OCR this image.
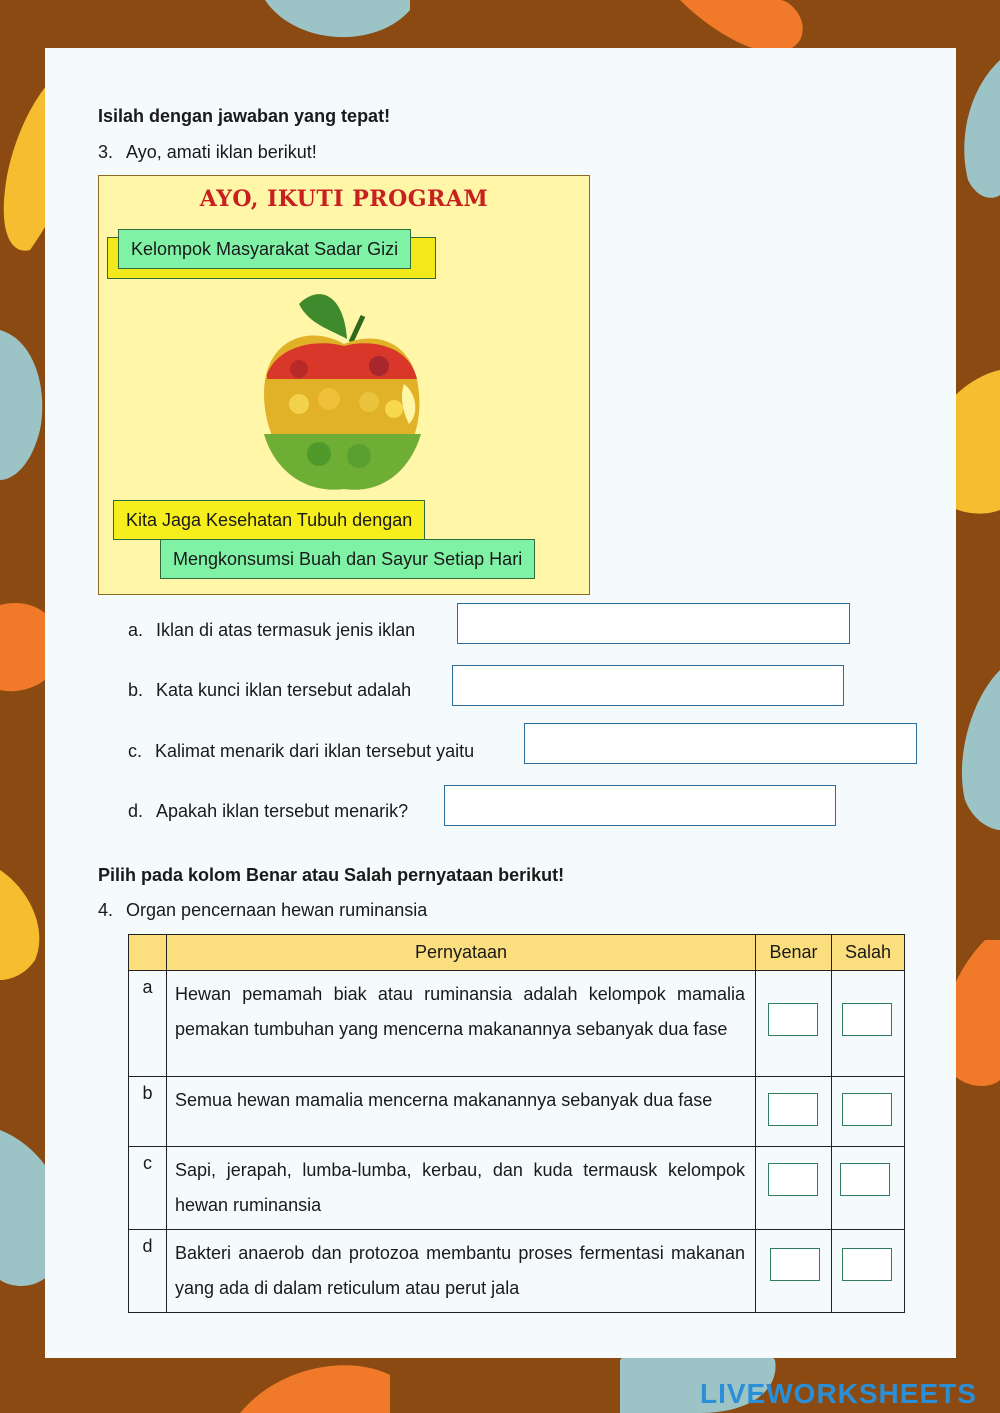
Isilah dengan jawaban yang tepat!
3. Ayo, amati iklan berikut!
AYO, IKUTI PROGRAM
Kelompok Masyarakat Sadar Gizi
Kita Jaga Kesehatan Tubuh dengan
Mengkonsumsi Buah dan Sayur Setiap Hari
a. Iklan di atas termasuk jenis iklan
b. Kata kunci iklan tersebut adalah
c. Kalimat menarik dari iklan tersebut yaitu
d. Apakah iklan tersebut menarik?
Pilih pada kolom Benar atau Salah pernyataan berikut!
4. Organ pencernaan hewan ruminansia
	Pernyataan	Benar	Salah
a	Hewan pemamah biak atau ruminansia adalah kelompok mamalia pemakan tumbuhan yang mencerna makanannya sebanyak dua fase	

b	Semua hewan mamalia mencerna makanannya sebanyak dua fase	

c	Sapi, jerapah, lumba-lumba, kerbau, dan kuda termausk kelompok hewan ruminansia	

d	Bakteri anaerob dan protozoa membantu proses fermentasi makanan yang ada di dalam reticulum atau perut jala	

LIVEWORKSHEETS
